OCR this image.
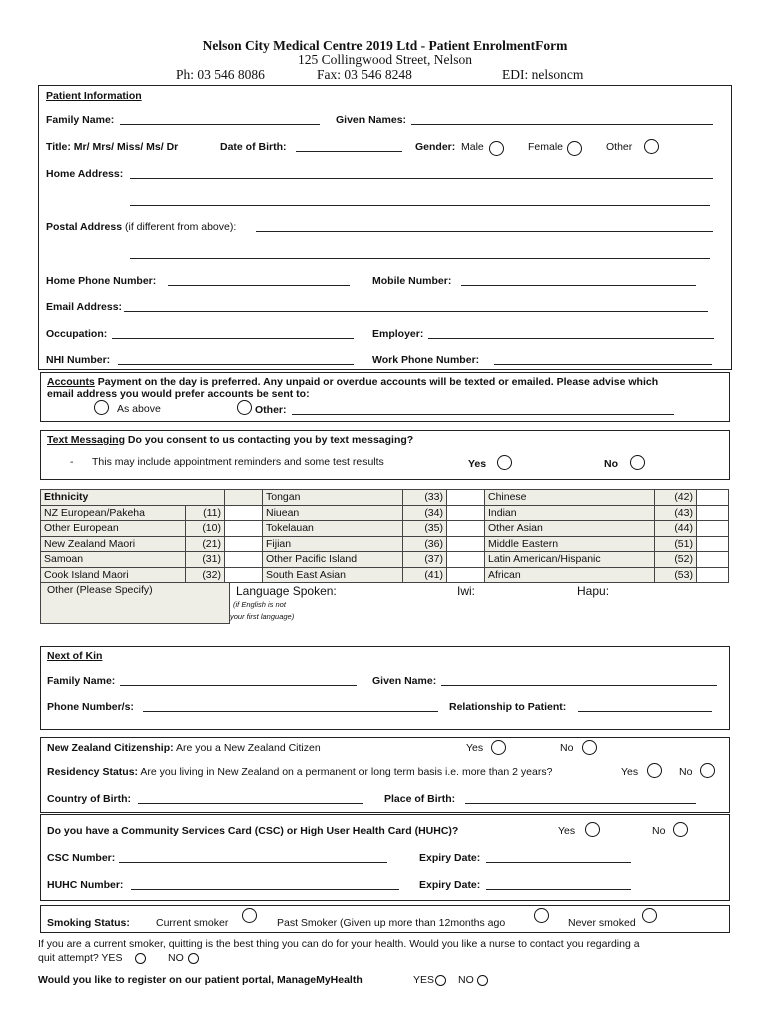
Nelson City Medical Centre 2019 Ltd - Patient EnrolmentForm
125 Collingwood Street, Nelson
Ph: 03 546 8086	Fax: 03 546 8248	EDI: nelsoncm
Patient Information
Family Name:	Given Names:
Title: Mr/ Mrs/ Miss/ Ms/ Dr	Date of Birth:	Gender: Male	Female	Other
Home Address:
Postal Address (if different from above):
Home Phone Number:	Mobile Number:
Email Address:
Occupation:	Employer:
NHI Number:	Work Phone Number:
Accounts Payment on the day is preferred. Any unpaid or overdue accounts will be texted or emailed. Please advise which
email address you would prefer accounts be sent to:
As above	Other:
Text Messaging Do you consent to us contacting you by text messaging?
- This may include appointment reminders and some test results	Yes	No
Ethnicity			Tongan	(33)		Chinese	(42)	
NZ European/Pakeha	(11)		Niuean	(34)		Indian	(43)	
Other European	(10)		Tokelauan	(35)		Other Asian	(44)	
New Zealand Maori	(21)		Fijian	(36)		Middle Eastern	(51)	
Samoan	(31)		Other Pacific Island	(37)		Latin American/Hispanic	(52)	
Cook Island Maori	(32)		South East Asian	(41)		African	(53)	
Other (Please Specify)	Language Spoken:
(if English is not
your first language)
Iwi:	Hapu:
Next of Kin
Family Name:	Given Name:
Phone Number/s:	Relationship to Patient:
New Zealand Citizenship: Are you a New Zealand Citizen	Yes	No
Residency Status: Are you living in New Zealand on a permanent or long term basis i.e. more than 2 years?	Yes	No
Country of Birth:	Place of Birth:
Do you have a Community Services Card (CSC) or High User Health Card (HUHC)?	Yes	No
CSC Number:	Expiry Date:
HUHC Number:	Expiry Date:
Smoking Status: Current smoker	Past Smoker (Given up more than 12months ago	Never smoked
If you are a current smoker, quitting is the best thing you can do for your health. Would you like a nurse to contact you regarding a
quit attempt? YES	NO
Would you like to register on our patient portal, ManageMyHealth	YES NO
